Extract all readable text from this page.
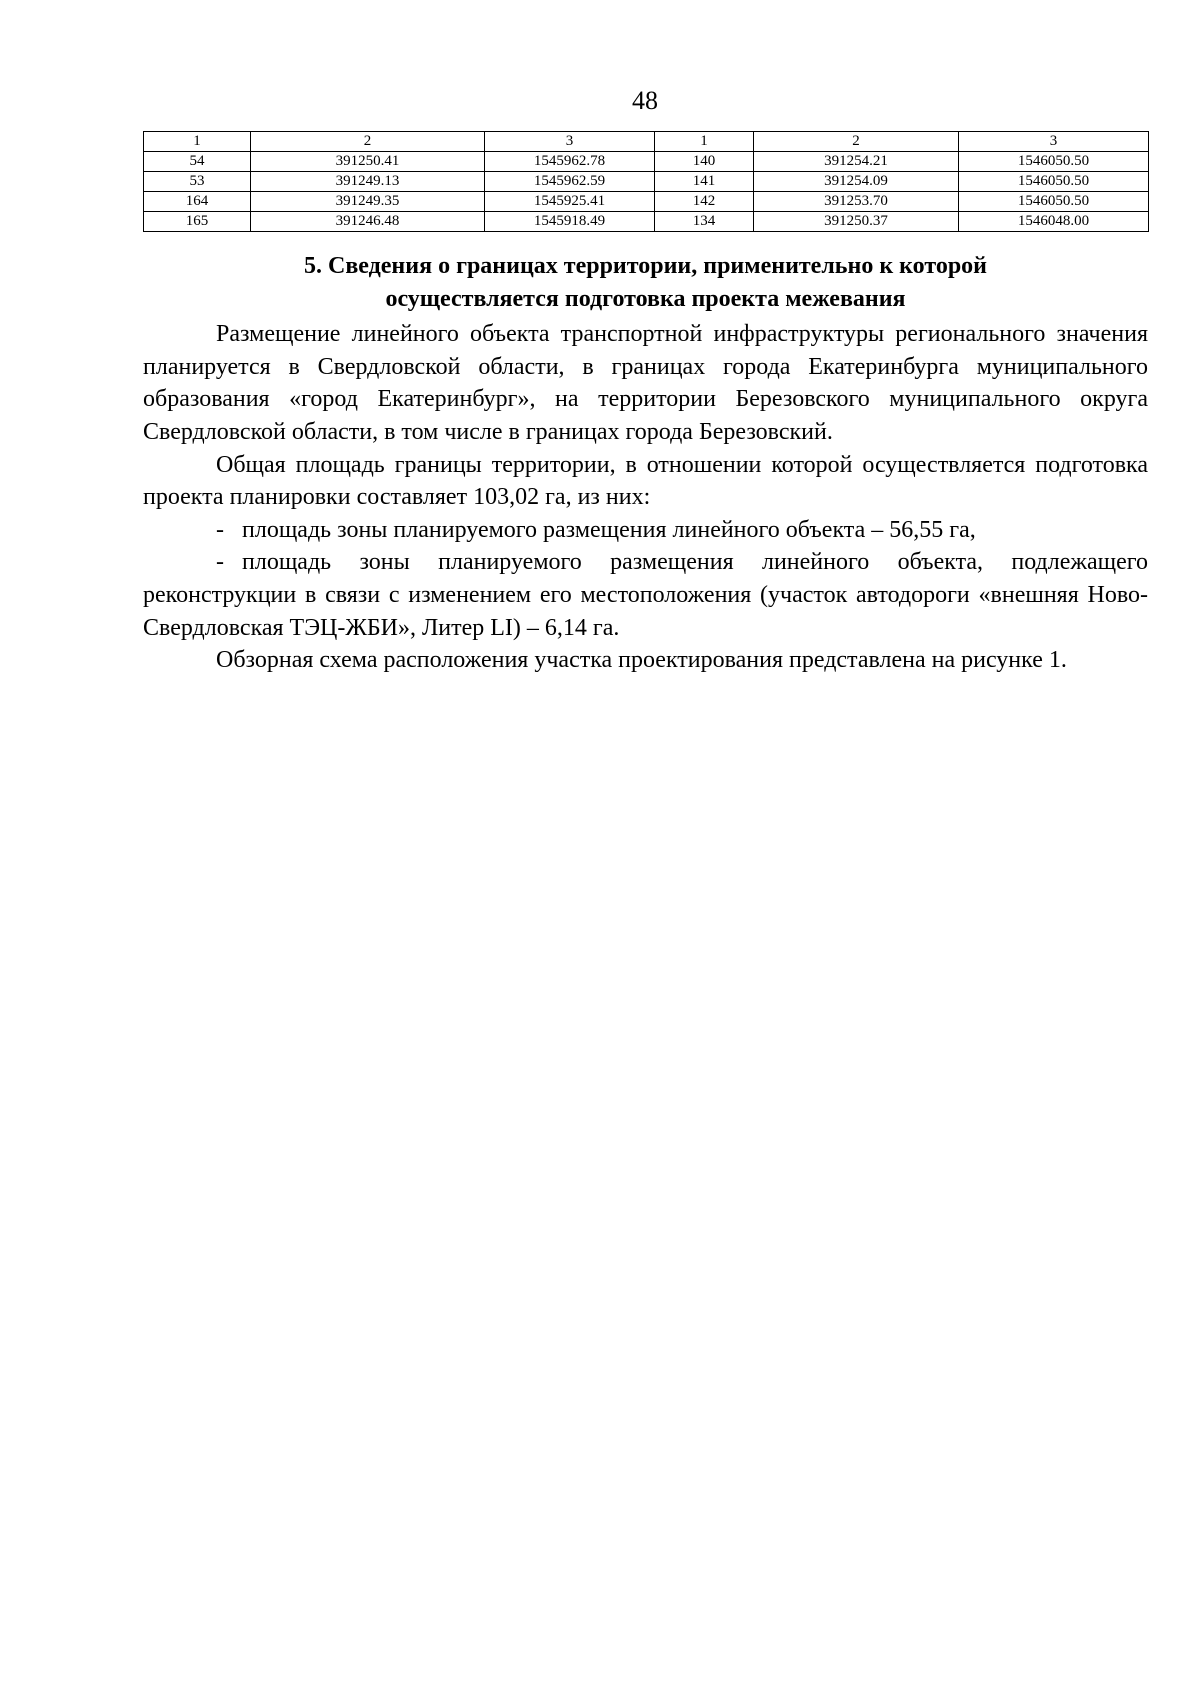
48
1	2	3	1	2	3
54	391250.41	1545962.78	140	391254.21	1546050.50
53	391249.13	1545962.59	141	391254.09	1546050.50
164	391249.35	1545925.41	142	391253.70	1546050.50
165	391246.48	1545918.49	134	391250.37	1546048.00
5. Сведения о границах территории, применительно к которой
осуществляется подготовка проекта межевания

Размещение линейного объекта транспортной инфраструктуры регионального значения планируется в Свердловской области, в границах города Екатеринбурга муниципального образования «город Екатеринбург», на территории Березовского муниципального округа Свердловской области, в том числе в границах города Березовский.

Общая площадь границы территории, в отношении которой осуществляется подготовка проекта планировки составляет 103,02 га, из них:

- площадь зоны планируемого размещения линейного объекта – 56,55 га,

- площадь зоны планируемого размещения линейного объекта, подлежащего реконструкции в связи с изменением его местоположения (участок автодороги «внешняя Ново-Свердловская ТЭЦ-ЖБИ», Литер LI) – 6,14 га.

Обзорная схема расположения участка проектирования представлена на рисунке 1.
